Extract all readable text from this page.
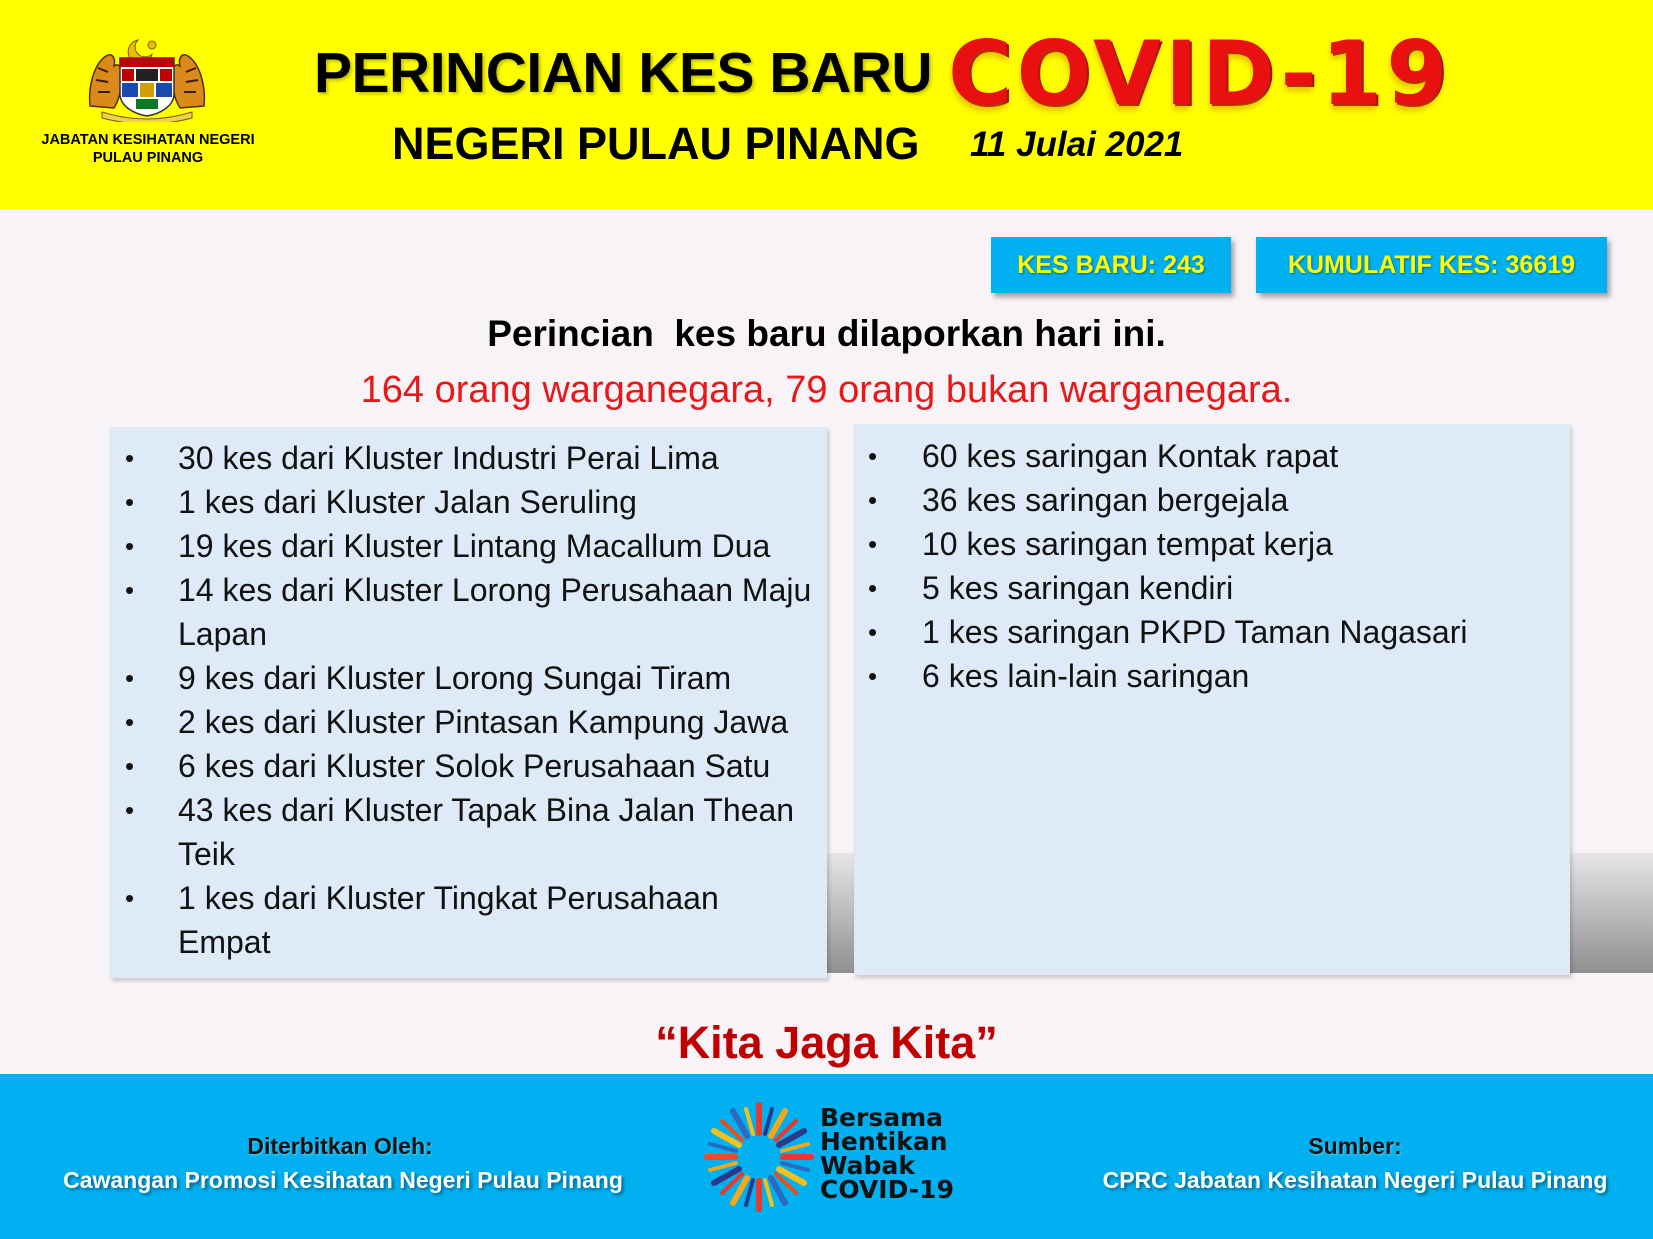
JABATAN KESIHATAN NEGERI
PULAU PINANG
PERINCIAN KES BARU COVID-19
NEGERI PULAU PINANG 11 Julai 2021
KES BARU: 243	KUMULATIF KES: 36619
Perincian  kes baru dilaporkan hari ini.
164 orang warganegara, 79 orang bukan warganegara.
• 30 kes dari Kluster Industri Perai Lima
• 1 kes dari Kluster Jalan Seruling
• 19 kes dari Kluster Lintang Macallum Dua
• 14 kes dari Kluster Lorong Perusahaan Maju Lapan
• 9 kes dari Kluster Lorong Sungai Tiram
• 2 kes dari Kluster Pintasan Kampung Jawa
• 6 kes dari Kluster Solok Perusahaan Satu
• 43 kes dari Kluster Tapak Bina Jalan Thean Teik
• 1 kes dari Kluster Tingkat Perusahaan Empat
• 60 kes saringan Kontak rapat
• 36 kes saringan bergejala
• 10 kes saringan tempat kerja
• 5 kes saringan kendiri
• 1 kes saringan PKPD Taman Nagasari
• 6 kes lain-lain saringan
“Kita Jaga Kita”
Diterbitkan Oleh:
Cawangan Promosi Kesihatan Negeri Pulau Pinang
Bersama
Hentikan
Wabak
COVID-19
Sumber:
CPRC Jabatan Kesihatan Negeri Pulau Pinang
